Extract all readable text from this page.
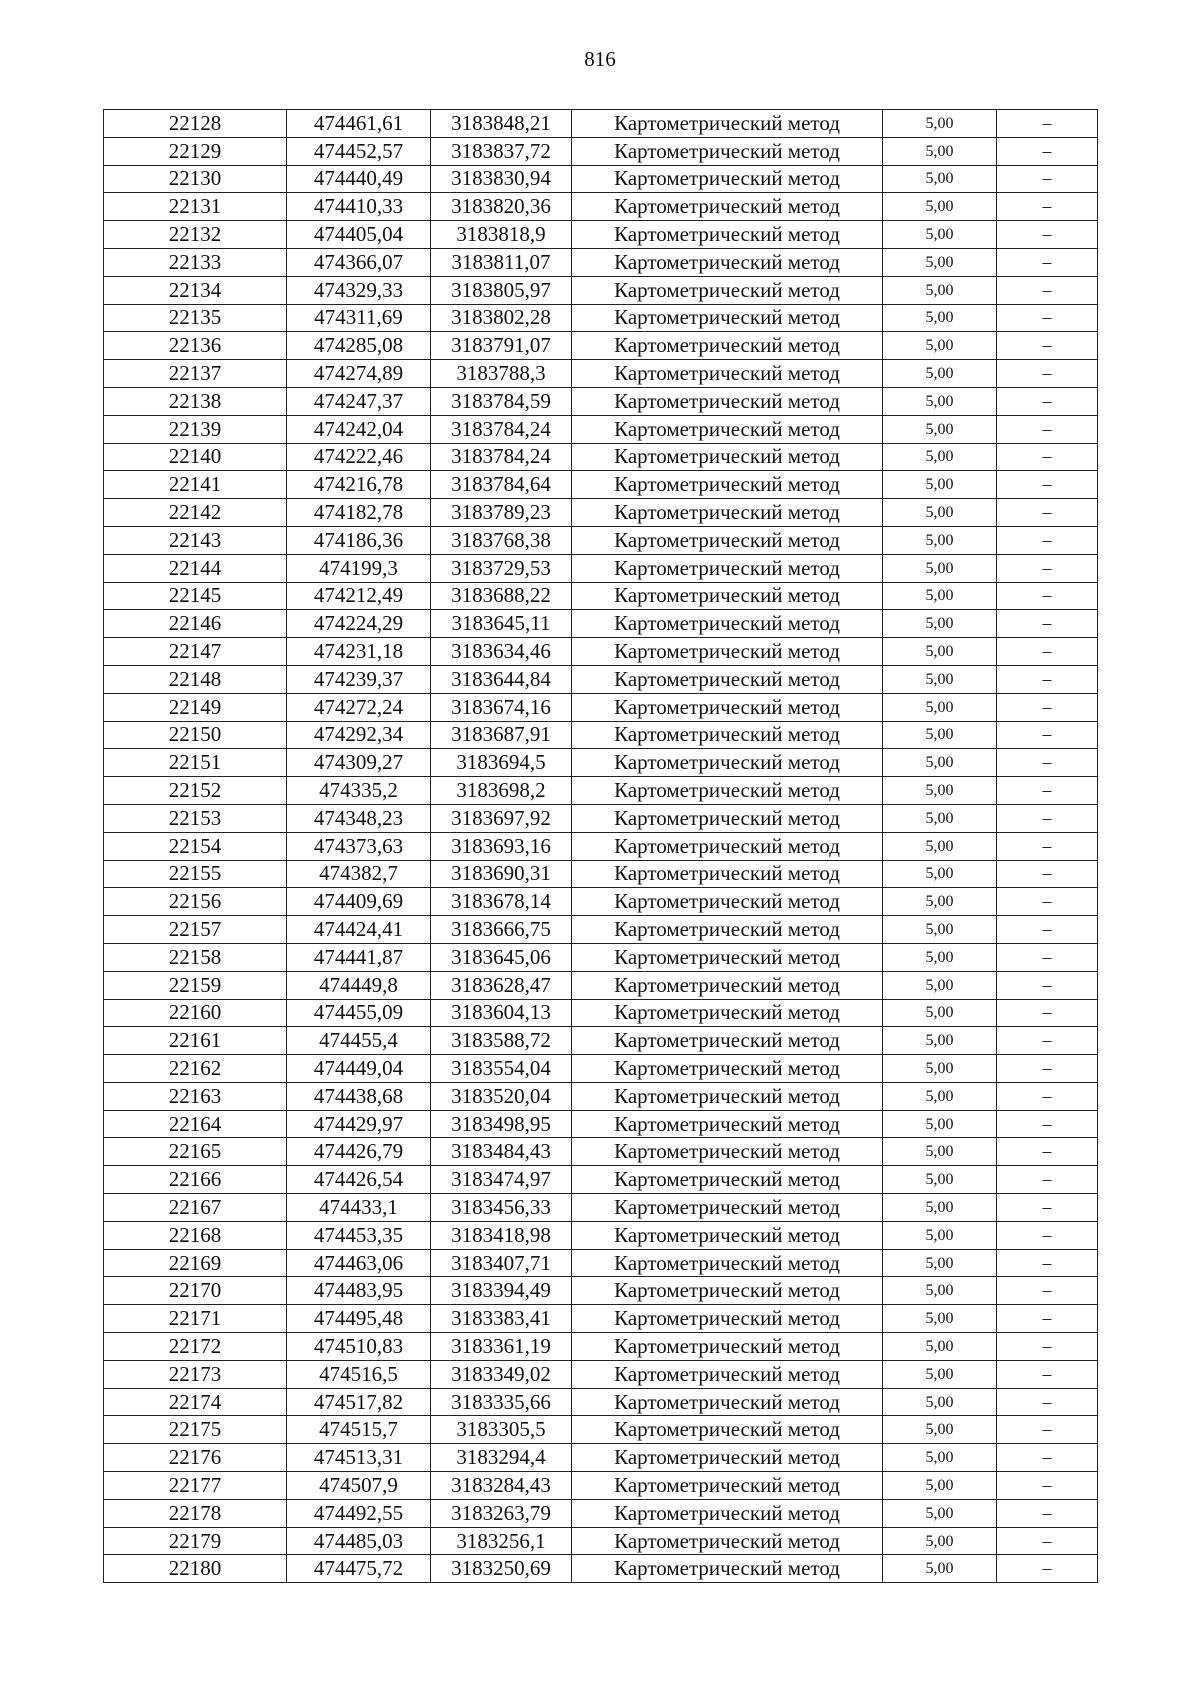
816
22128	474461,61	3183848,21	Картометрический метод	5,00	–
22129	474452,57	3183837,72	Картометрический метод	5,00	–
22130	474440,49	3183830,94	Картометрический метод	5,00	–
22131	474410,33	3183820,36	Картометрический метод	5,00	–
22132	474405,04	3183818,9	Картометрический метод	5,00	–
22133	474366,07	3183811,07	Картометрический метод	5,00	–
22134	474329,33	3183805,97	Картометрический метод	5,00	–
22135	474311,69	3183802,28	Картометрический метод	5,00	–
22136	474285,08	3183791,07	Картометрический метод	5,00	–
22137	474274,89	3183788,3	Картометрический метод	5,00	–
22138	474247,37	3183784,59	Картометрический метод	5,00	–
22139	474242,04	3183784,24	Картометрический метод	5,00	–
22140	474222,46	3183784,24	Картометрический метод	5,00	–
22141	474216,78	3183784,64	Картометрический метод	5,00	–
22142	474182,78	3183789,23	Картометрический метод	5,00	–
22143	474186,36	3183768,38	Картометрический метод	5,00	–
22144	474199,3	3183729,53	Картометрический метод	5,00	–
22145	474212,49	3183688,22	Картометрический метод	5,00	–
22146	474224,29	3183645,11	Картометрический метод	5,00	–
22147	474231,18	3183634,46	Картометрический метод	5,00	–
22148	474239,37	3183644,84	Картометрический метод	5,00	–
22149	474272,24	3183674,16	Картометрический метод	5,00	–
22150	474292,34	3183687,91	Картометрический метод	5,00	–
22151	474309,27	3183694,5	Картометрический метод	5,00	–
22152	474335,2	3183698,2	Картометрический метод	5,00	–
22153	474348,23	3183697,92	Картометрический метод	5,00	–
22154	474373,63	3183693,16	Картометрический метод	5,00	–
22155	474382,7	3183690,31	Картометрический метод	5,00	–
22156	474409,69	3183678,14	Картометрический метод	5,00	–
22157	474424,41	3183666,75	Картометрический метод	5,00	–
22158	474441,87	3183645,06	Картометрический метод	5,00	–
22159	474449,8	3183628,47	Картометрический метод	5,00	–
22160	474455,09	3183604,13	Картометрический метод	5,00	–
22161	474455,4	3183588,72	Картометрический метод	5,00	–
22162	474449,04	3183554,04	Картометрический метод	5,00	–
22163	474438,68	3183520,04	Картометрический метод	5,00	–
22164	474429,97	3183498,95	Картометрический метод	5,00	–
22165	474426,79	3183484,43	Картометрический метод	5,00	–
22166	474426,54	3183474,97	Картометрический метод	5,00	–
22167	474433,1	3183456,33	Картометрический метод	5,00	–
22168	474453,35	3183418,98	Картометрический метод	5,00	–
22169	474463,06	3183407,71	Картометрический метод	5,00	–
22170	474483,95	3183394,49	Картометрический метод	5,00	–
22171	474495,48	3183383,41	Картометрический метод	5,00	–
22172	474510,83	3183361,19	Картометрический метод	5,00	–
22173	474516,5	3183349,02	Картометрический метод	5,00	–
22174	474517,82	3183335,66	Картометрический метод	5,00	–
22175	474515,7	3183305,5	Картометрический метод	5,00	–
22176	474513,31	3183294,4	Картометрический метод	5,00	–
22177	474507,9	3183284,43	Картометрический метод	5,00	–
22178	474492,55	3183263,79	Картометрический метод	5,00	–
22179	474485,03	3183256,1	Картометрический метод	5,00	–
22180	474475,72	3183250,69	Картометрический метод	5,00	–
